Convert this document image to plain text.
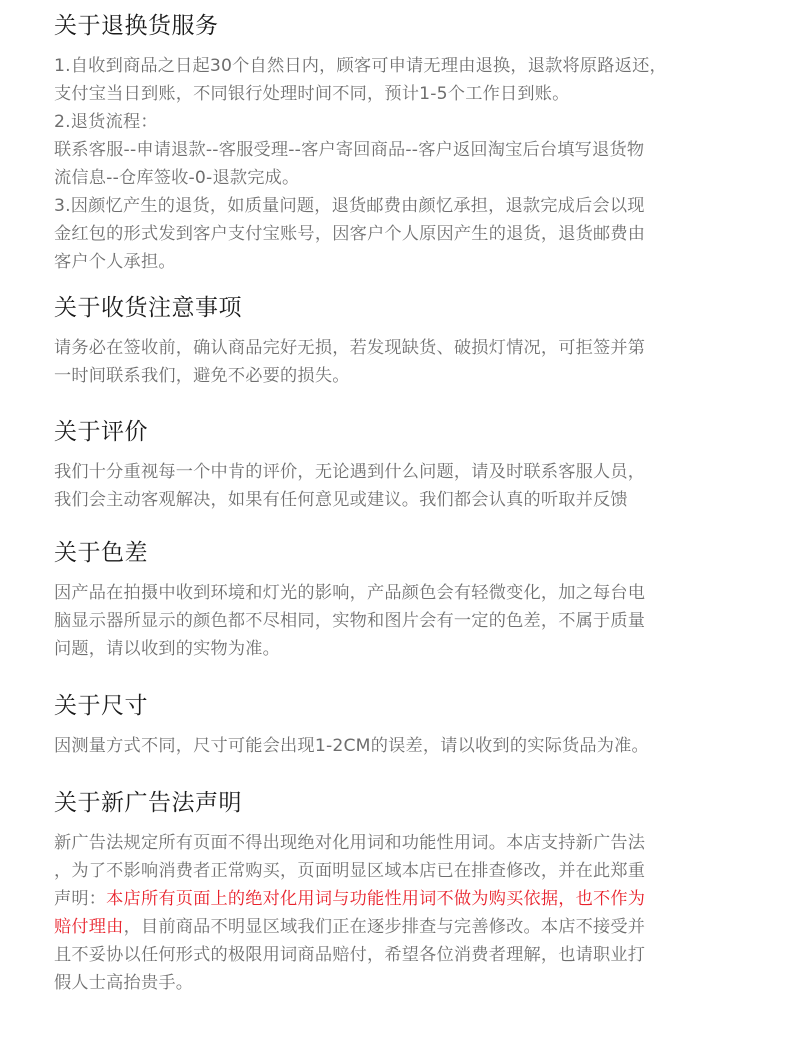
关于退换货服务

1.自收到商品之日起30个自然日内，顾客可申请无理由退换，退款将原路返还，
支付宝当日到账，不同银行处理时间不同，预计1-5个工作日到账。
2.退货流程：
联系客服--申请退款--客服受理--客户寄回商品--客户返回淘宝后台填写退货物
流信息--仓库签收-0-退款完成。
3.因颜忆产生的退货，如质量问题，退货邮费由颜忆承担，退款完成后会以现
金红包的形式发到客户支付宝账号，因客户个人原因产生的退货，退货邮费由
客户个人承担。

关于收货注意事项

请务必在签收前，确认商品完好无损，若发现缺货、破损灯情况，可拒签并第
一时间联系我们，避免不必要的损失。

关于评价

我们十分重视每一个中肯的评价，无论遇到什么问题，请及时联系客服人员，
我们会主动客观解决，如果有任何意见或建议。我们都会认真的听取并反馈

关于色差

因产品在拍摄中收到环境和灯光的影响，产品颜色会有轻微变化，加之每台电
脑显示器所显示的颜色都不尽相同，实物和图片会有一定的色差，不属于质量
问题，请以收到的实物为准。

关于尺寸

因测量方式不同，尺寸可能会出现1-2CM的误差，请以收到的实际货品为准。

关于新广告法声明

新广告法规定所有页面不得出现绝对化用词和功能性用词。本店支持新广告法
，为了不影响消费者正常购买，页面明显区域本店已在排查修改，并在此郑重
声明：本店所有页面上的绝对化用词与功能性用词不做为购买依据，也不作为
赔付理由，目前商品不明显区域我们正在逐步排查与完善修改。本店不接受并
且不妥协以任何形式的极限用词商品赔付，希望各位消费者理解，也请职业打
假人士高抬贵手。
